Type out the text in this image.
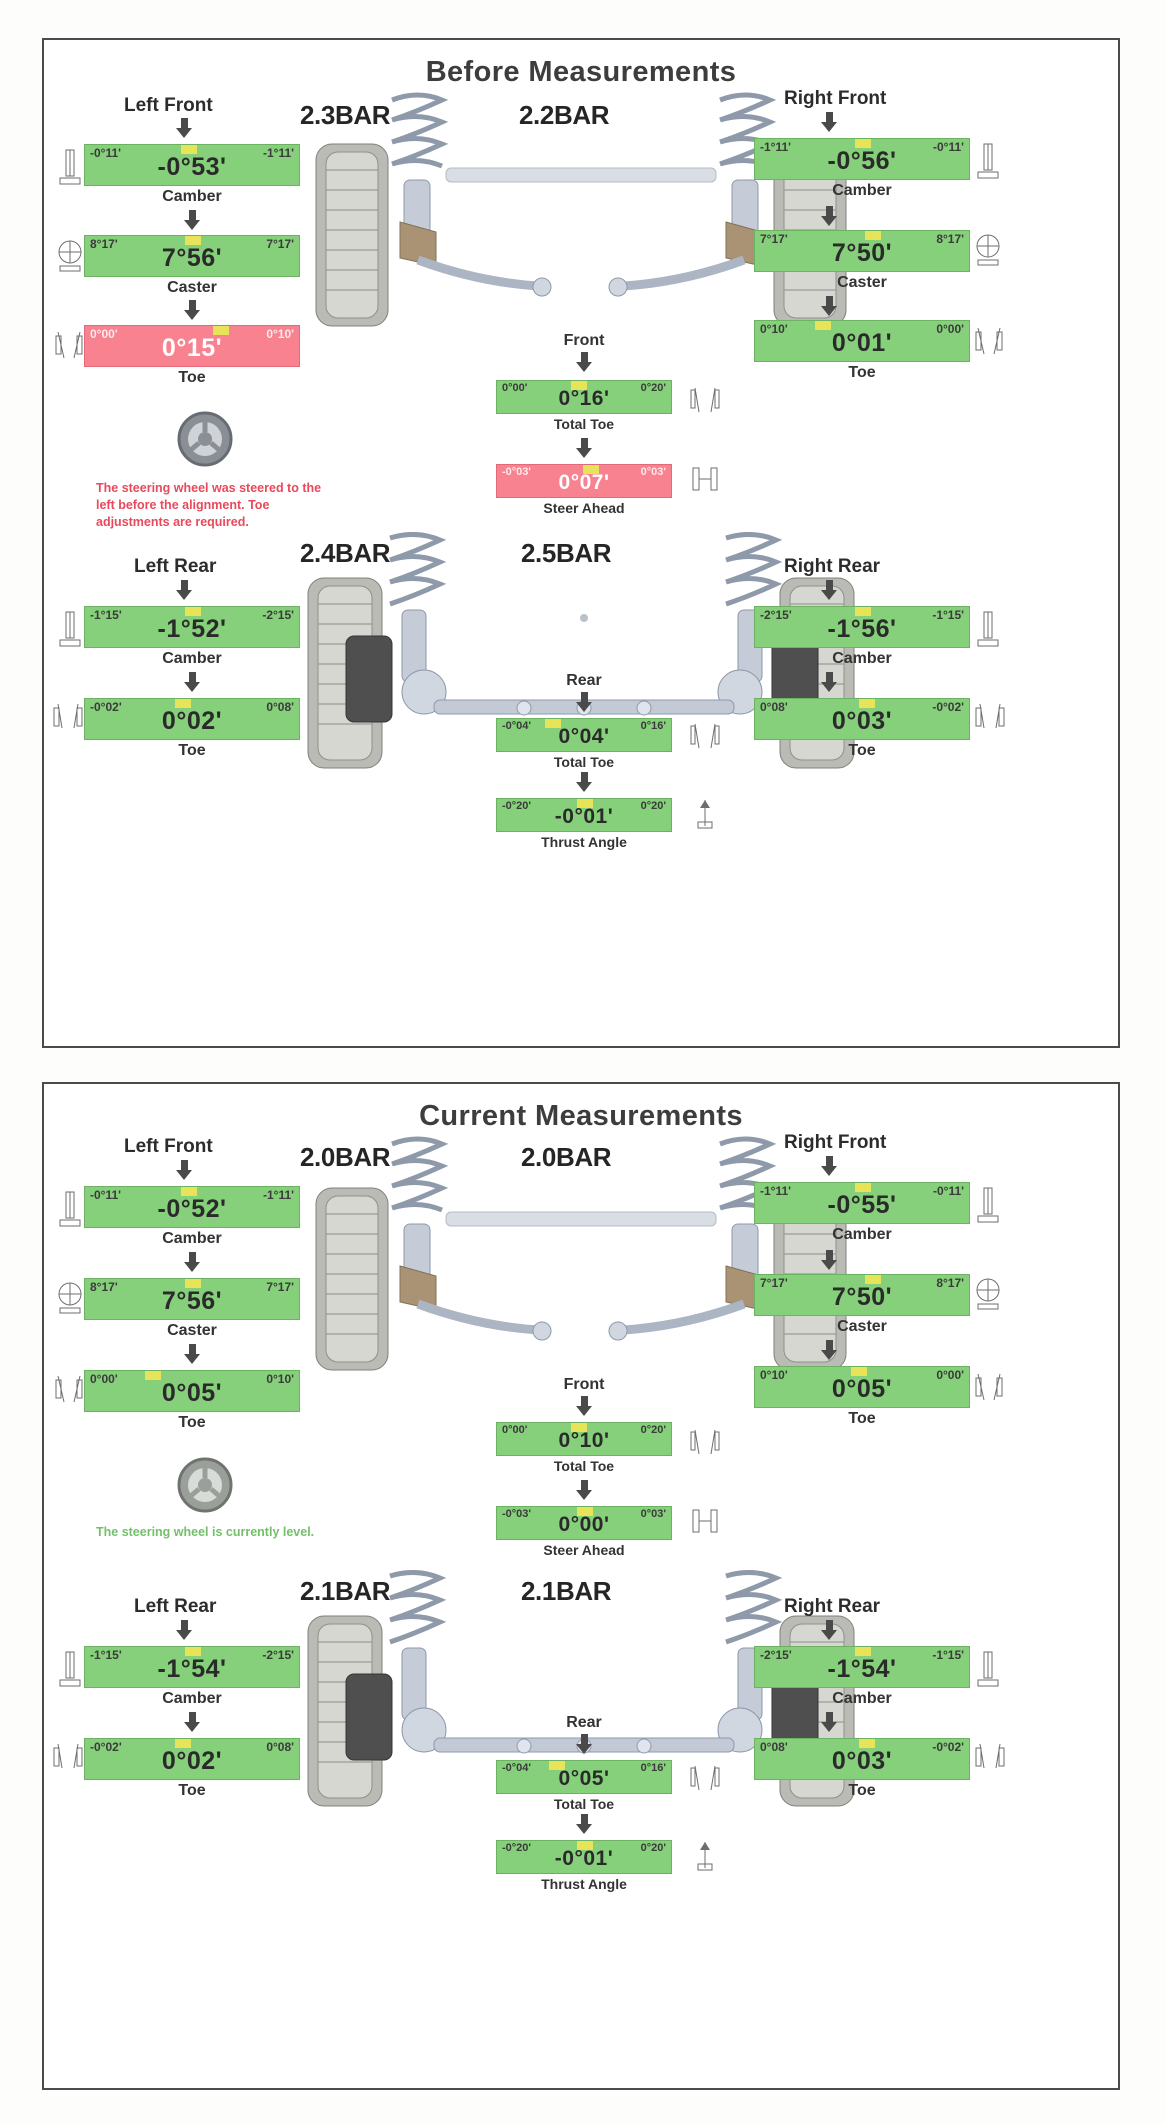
Before Measurements
2.3BAR	2.2BAR
Left Front
-0°11'	-1°11'
-0°53'
Camber
8°17'	7°17'
7°56'
Caster
0°00'	0°10'
0°15'
Toe
The steering wheel was steered to the left before the alignment. Toe adjustments are required.
Right Front
-1°11'	-0°11'
-0°56'
Camber
7°17'	8°17'
7°50'
Caster
0°10'	0°00'
0°01'
Toe
Front
0°00'	0°20'
0°16'
Total Toe
-0°03'	0°03'
0°07'
Steer Ahead
2.4BAR	2.5BAR
Left Rear
-1°15'	-2°15'
-1°52'
Camber
-0°02'	0°08'
0°02'
Toe
Right Rear
-2°15'	-1°15'
-1°56'
Camber
0°08'	-0°02'
0°03'
Toe
Rear
-0°04'	0°16'
0°04'
Total Toe
-0°20'	0°20'
-0°01'
Thrust Angle
Current Measurements
2.0BAR	2.0BAR
Left Front
-0°11'	-1°11'
-0°52'
Camber
8°17'	7°17'
7°56'
Caster
0°00'	0°10'
0°05'
Toe
The steering wheel is currently level.
Right Front
-1°11'	-0°11'
-0°55'
Camber
7°17'	8°17'
7°50'
Caster
0°10'	0°00'
0°05'
Toe
Front
0°00'	0°20'
0°10'
Total Toe
-0°03'	0°03'
0°00'
Steer Ahead
2.1BAR	2.1BAR
Left Rear
-1°15'	-2°15'
-1°54'
Camber
-0°02'	0°08'
0°02'
Toe
Right Rear
-2°15'	-1°15'
-1°54'
Camber
0°08'	-0°02'
0°03'
Toe
Rear
-0°04'	0°16'
0°05'
Total Toe
-0°20'	0°20'
-0°01'
Thrust Angle
